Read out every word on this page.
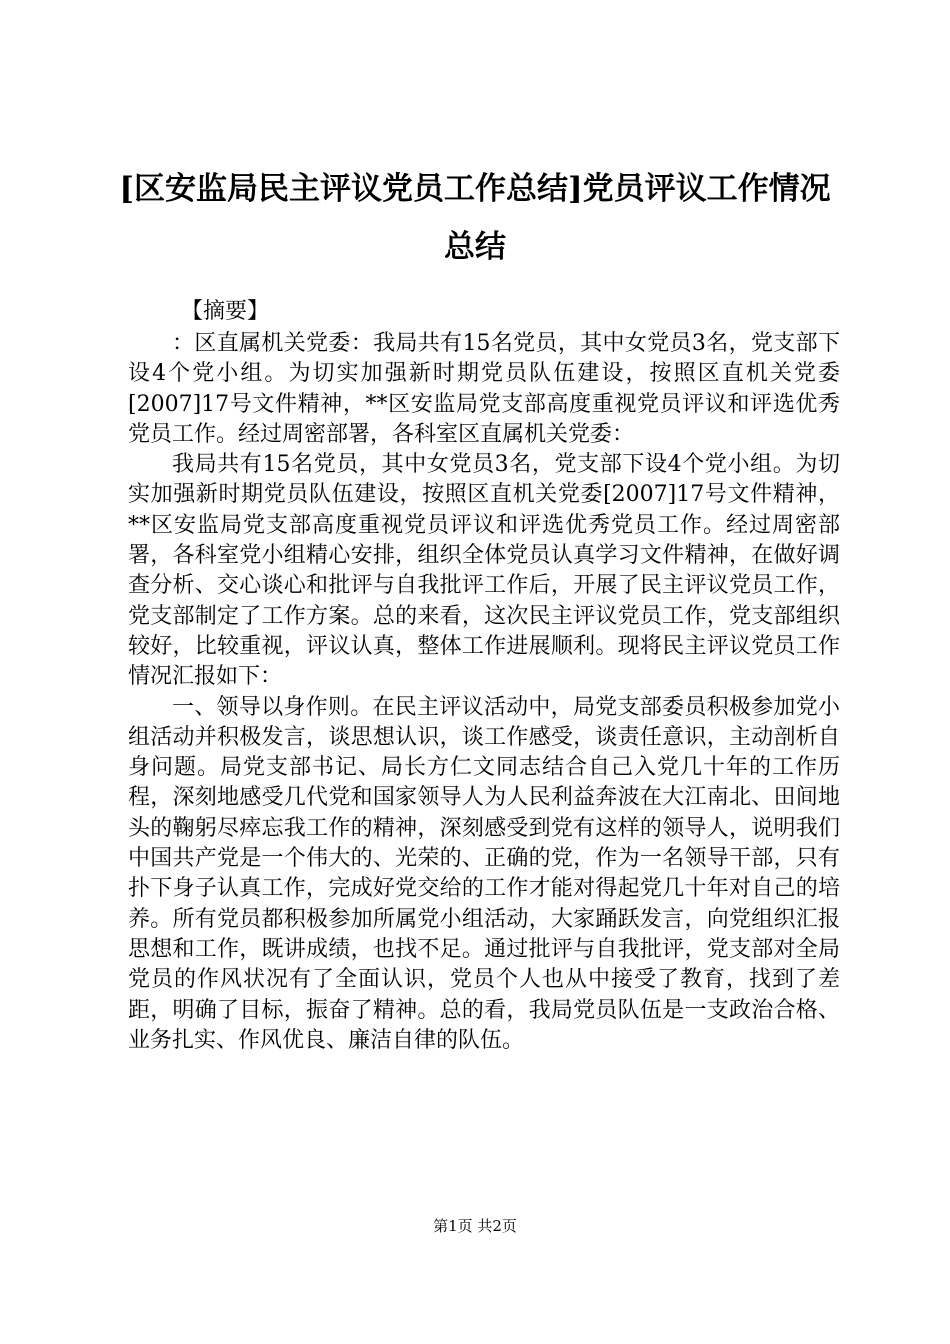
[区安监局民主评议党员工作总结]党员评议工作情况总结
【摘要】

：区直属机关党委：我局共有15名党员，其中女党员3名，党支部下设4个党小组。为切实加强新时期党员队伍建设，按照区直机关党委[2007]17号文件精神，**区安监局党支部高度重视党员评议和评选优秀党员工作。经过周密部署，各科室区直属机关党委：

我局共有15名党员，其中女党员3名，党支部下设4个党小组。为切实加强新时期党员队伍建设，按照区直机关党委[2007]17号文件精神，**区安监局党支部高度重视党员评议和评选优秀党员工作。经过周密部署，各科室党小组精心安排，组织全体党员认真学习文件精神，在做好调查分析、交心谈心和批评与自我批评工作后，开展了民主评议党员工作，党支部制定了工作方案。总的来看，这次民主评议党员工作，党支部组织较好，比较重视，评议认真，整体工作进展顺利。现将民主评议党员工作情况汇报如下：

一、领导以身作则。在民主评议活动中，局党支部委员积极参加党小组活动并积极发言，谈思想认识，谈工作感受，谈责任意识，主动剖析自身问题。局党支部书记、局长方仁文同志结合自己入党几十年的工作历程，深刻地感受几代党和国家领导人为人民利益奔波在大江南北、田间地头的鞠躬尽瘁忘我工作的精神，深刻感受到党有这样的领导人，说明我们中国共产党是一个伟大的、光荣的、正确的党，作为一名领导干部，只有扑下身子认真工作，完成好党交给的工作才能对得起党几十年对自己的培养。所有党员都积极参加所属党小组活动，大家踊跃发言，向党组织汇报思想和工作，既讲成绩，也找不足。通过批评与自我批评，党支部对全局党员的作风状况有了全面认识，党员个人也从中接受了教育，找到了差距，明确了目标，振奋了精神。总的看，我局党员队伍是一支政治合格、业务扎实、作风优良、廉洁自律的队伍。

第1页 共2页
